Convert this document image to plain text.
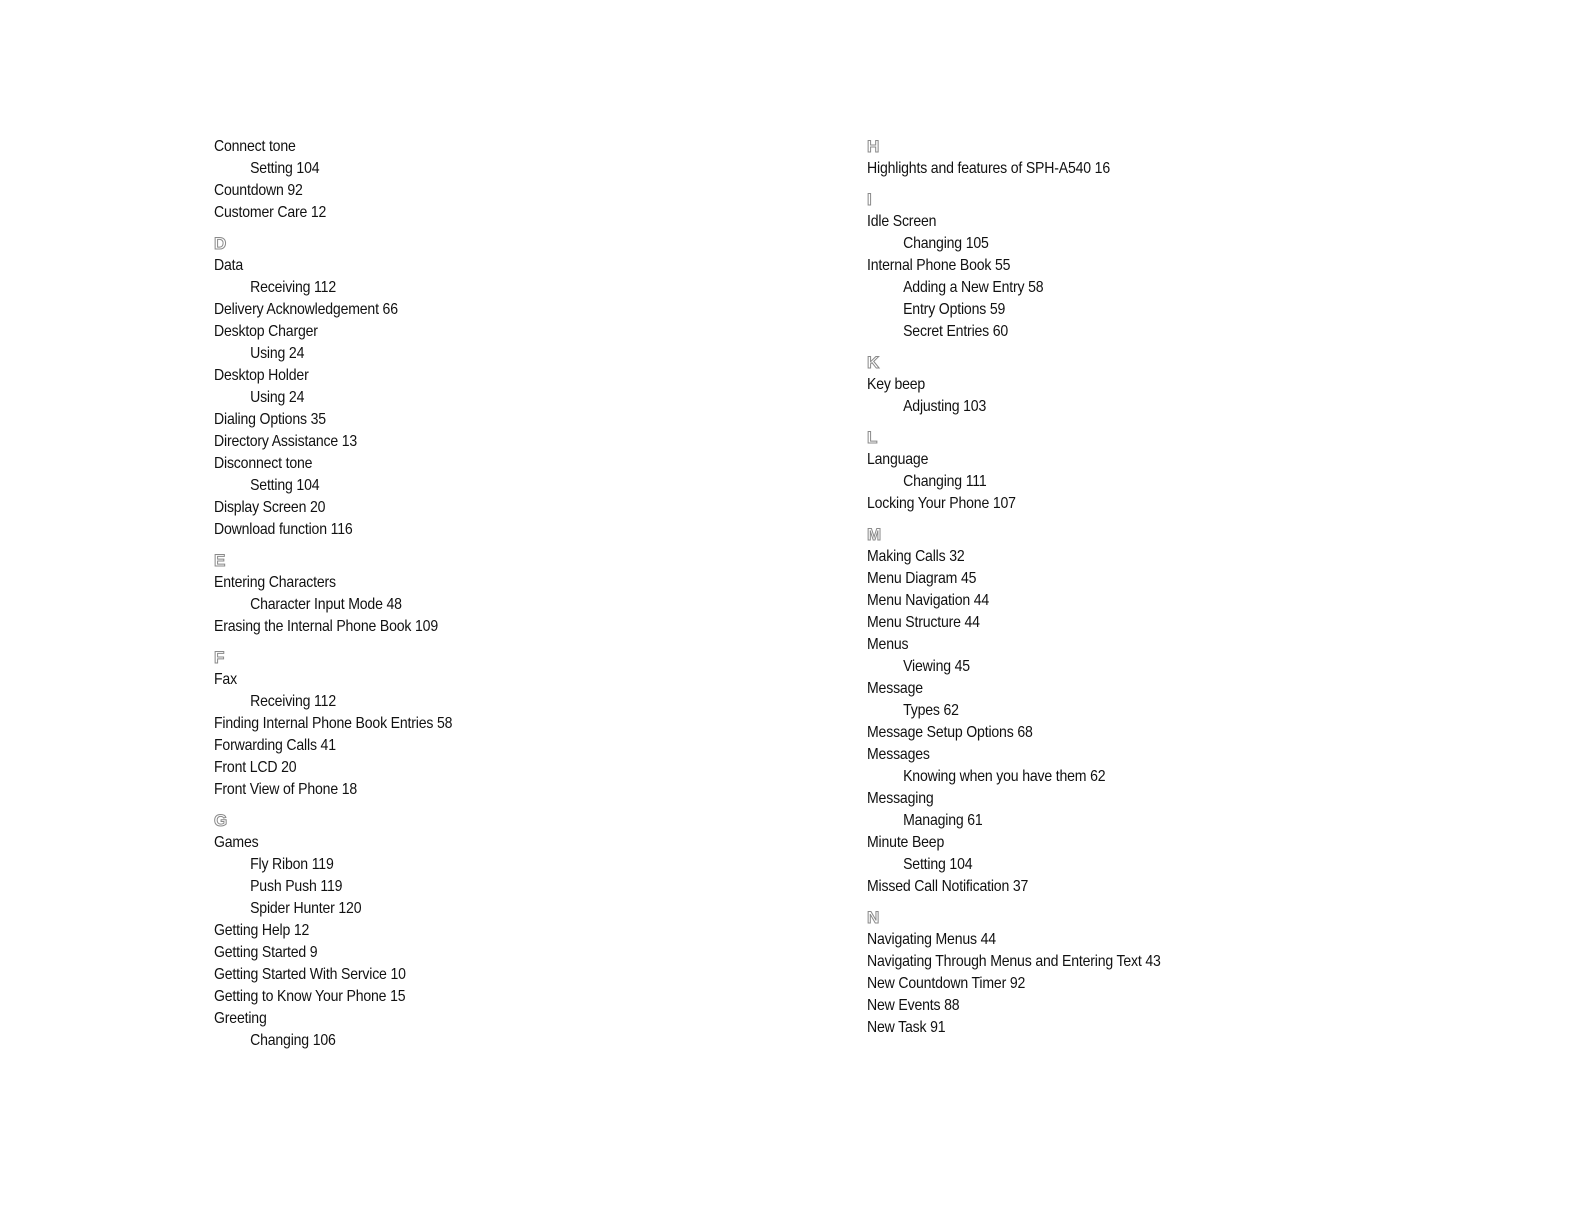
Connect tone
Setting 104
Countdown 92
Customer Care 12
D
Data
Receiving 112
Delivery Acknowledgement 66
Desktop Charger
Using 24
Desktop Holder
Using 24
Dialing Options 35
Directory Assistance 13
Disconnect tone
Setting 104
Display Screen 20
Download function 116
E
Entering Characters
Character Input Mode 48
Erasing the Internal Phone Book 109
F
Fax
Receiving 112
Finding Internal Phone Book Entries 58
Forwarding Calls 41
Front LCD 20
Front View of Phone 18
G
Games
Fly Ribon 119
Push Push 119
Spider Hunter 120
Getting Help 12
Getting Started 9
Getting Started With Service 10
Getting to Know Your Phone 15
Greeting
Changing 106
H
Highlights and features of SPH-A540 16
I
Idle Screen
Changing 105
Internal Phone Book 55
Adding a New Entry 58
Entry Options 59
Secret Entries 60
K
Key beep
Adjusting 103
L
Language
Changing 111
Locking Your Phone 107
M
Making Calls 32
Menu Diagram 45
Menu Navigation 44
Menu Structure 44
Menus
Viewing 45
Message
Types 62
Message Setup Options 68
Messages
Knowing when you have them 62
Messaging
Managing 61
Minute Beep
Setting 104
Missed Call Notification 37
N
Navigating Menus 44
Navigating Through Menus and Entering Text 43
New Countdown Timer 92
New Events 88
New Task 91
